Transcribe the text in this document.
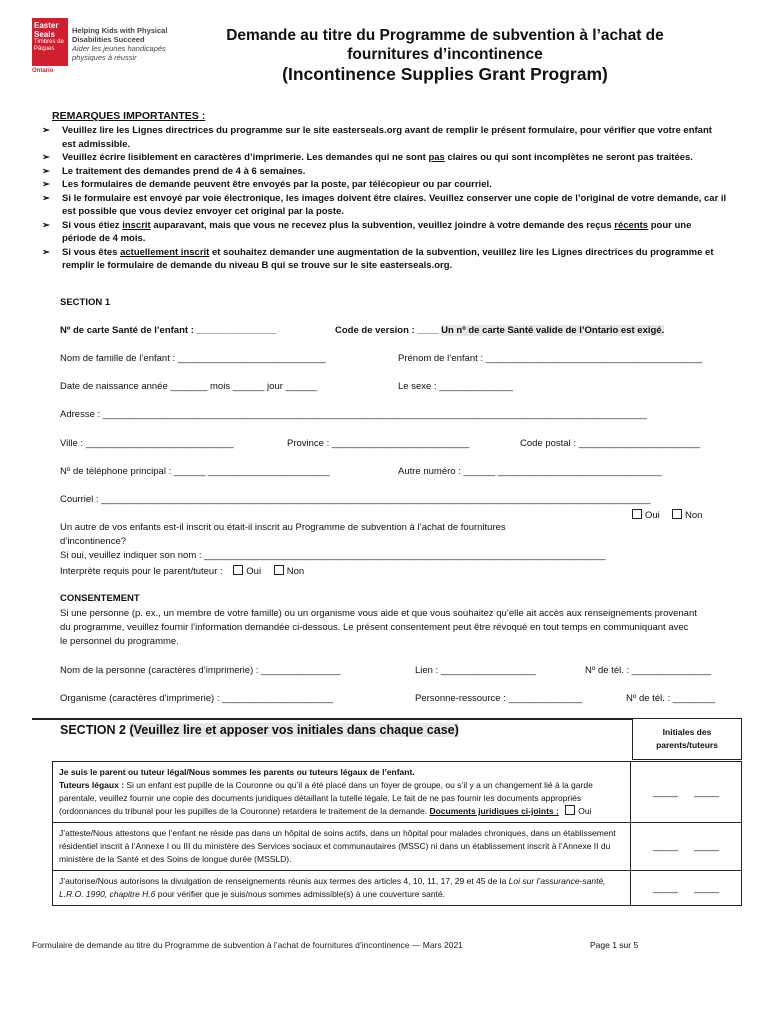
Easter Seals
Timbres de Pâques
Helping Kids with Physical Disabilities Succeed
Aider les jeunes handicapés physiques à réussir
Ontario
Demande au titre du Programme de subvention à l’achat de
fournitures d’incontinence
(Incontinence Supplies Grant Program)
REMARQUES IMPORTANTES :
➢ Veuillez lire les Lignes directrices du programme sur le site easterseals.org avant de remplir le présent formulaire, pour vérifier que votre enfant est admissible.
➢ Veuillez écrire lisiblement en caractères d’imprimerie. Les demandes qui ne sont pas claires ou qui sont incomplètes ne seront pas traitées.
➢ Le traitement des demandes prend de 4 à 6 semaines.
➢ Les formulaires de demande peuvent être envoyés par la poste, par télécopieur ou par courriel.
➢ Si le formulaire est envoyé par voie électronique, les images doivent être claires. Veuillez conserver une copie de l’original de votre demande, car il est possible que vous deviez envoyer cet original par la poste.
➢ Si vous étiez inscrit auparavant, mais que vous ne recevez plus la subvention, veuillez joindre à votre demande des reçus récents pour une période de 4 mois.
➢ Si vous êtes actuellement inscrit et souhaitez demander une augmentation de la subvention, veuillez lire les Lignes directrices du programme et remplir le formulaire de demande du niveau B qui se trouve sur le site easterseals.org.
SECTION 1
Nº de carte Santé de l’enfant : _______________	Code de version : ____ Un nº de carte Santé valide de l’Ontario est exigé.
Nom de famille de l’enfant : ____________________________	Prénom de l’enfant : _________________________________________
Date de naissance année _______ mois ______ jour ______	Le sexe : ______________
Adresse : _______________________________________________________________________________________________________
Ville : ____________________________	Province : __________________________	Code postal : _______________________
Nº de téléphone principal : ______ _______________________	Autre numéro : ______ _______________________________
Courriel : ________________________________________________________________________________________________________
Oui	Non
Un autre de vos enfants est-il inscrit ou était-il inscrit au Programme de subvention à l’achat de fournitures
d’incontinence?
Si oui, veuillez indiquer son nom : ____________________________________________________________________________
Interprète requis pour le parent/tuteur : Oui	Non
CONSENTEMENT
Si une personne (p. ex., un membre de votre famille) ou un organisme vous aide et que vous souhaitez qu’elle ait accès aux renseignements provenant
du programme, veuillez fournir l’information demandée ci-dessous. Le présent consentement peut être révoqué en tout temps en communiquant avec
le personnel du programme.
Nom de la personne (caractères d’imprimerie) : _______________	Lien : __________________	Nº de tél. : _______________
Organisme (caractères d’imprimerie) : _____________________	Personne-ressource : ______________	Nº de tél. : ________
SECTION 2 (Veuillez lire et apposer vos initiales dans chaque case)	Initiales des parents/tuteurs
Je suis le parent ou tuteur légal/Nous sommes les parents ou tuteurs légaux de l’enfant.
Tuteurs légaux : Si un enfant est pupille de la Couronne ou qu’il a été placé dans un foyer de groupe, ou s’il y a un changement lié à la garde parentale, veuillez fournir une copie des documents juridiques détaillant la tutelle légale. Le fait de ne pas fournir les documents appropriés (ordonnances du tribunal pour les pupilles de la Couronne) retardera le traitement de la demande. Documents juridiques ci-joints : Oui	_____ _____
J’atteste/Nous attestons que l’enfant ne réside pas dans un hôpital de soins actifs, dans un hôpital pour malades chroniques, dans un établissement résidentiel inscrit à l’Annexe I ou III du ministère des Services sociaux et communautaires (MSSC) ni dans un établissement inscrit à l’Annexe II du ministère de la Santé et des Soins de longue durée (MSSLD).	_____ _____
J’autorise/Nous autorisons la divulgation de renseignements réunis aux termes des articles 4, 10, 11, 17, 29 et 45 de la Loi sur l’assurance-santé, L.R.O. 1990, chapitre H.6 pour vérifier que je suis/nous sommes admissible(s) à une couverture santé.	_____ _____
Formulaire de demande au titre du Programme de subvention à l’achat de fournitures d’incontinence — Mars 2021	Page 1 sur 5
